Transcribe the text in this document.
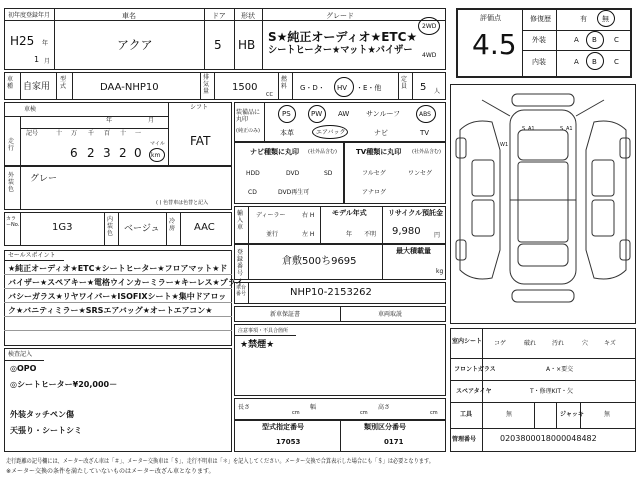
初年度登録年月
H25 年
1 月
車名
アクア
ドア
5
形状
HB
グレード
S★純正オーディオ★ETC★
シートヒーター★マット★バイザー
2WD
4WD
車種	自家用
型式	DAA-NHP10
排気量	1500
CC
燃料	G・D・ HV ・E・他
定員	5 人
車検
年	月
記号	十 万 千 百 十 一
走行	6 2 3 2 0
マイル
km
シフト
FAT
外装色
グレー
( ) 色替車は色替と記入
カラーNo.	1G3
内装色	ベージュ
冷房	AAC
セールスポイント
★純正オーディオ★ETC★シートヒーター★フロアマット★ド
バイザー★スペアキー★電格ウインカーミラー★キーレス★プライ
バシーガラス★リヤワイパー★ISOFIXシート★集中ドアロッ
ク★バニティミラー★SRSエアバッグ★オートエアコン★
検査記入
◎OPO
◎シートヒーター¥20,000－
外装タッチペン傷
天張り・シートシミ
装備品に丸印
(純正のみ)
PS	PW AW サンルーフ	ABS
本革	エアバック	ナビ	TV
ナビ種類に丸印 (社外品含む)
HDD	DVD	SD
CD	DVD再生可
TV種類に丸印 (社外品含む)
フルセグ	ワンセグ
アナログ
輸入車
ディーラー	右 H
並行	左 H
モデル年式
年 不明
リサイクル預託金
9,980 円
登録番号
倉敷500ち9695
最大積載量
kg
車台番号	NHP10-2153262
新車保証書	車両取説
注意事項・不具合箇所
★禁煙★
長さ
cm
幅
cm
高さ
cm
型式指定番号
17053
類別区分番号
0171
評価点
4.5
修復歴	有 無
外装	A B C
内装	A B C
W1
S A1	S A1
室内シート コゲ	破れ	汚れ	穴	キズ
フロントガラス	A・×要交
スペアタイヤ	T・修理KIT・欠
工具	無	ジャッキ	無
管理番号	0203800018000048482
走行距離の記号欄には、メーター改ざん車は「＃」、メーター交換車は「＄」、走行不明車は「＊」を記入してください。メーター交換で合算表示した場合にも「＄」は必要となります。
※メーター交換の条件を満たしていないものはメーター改ざん車となります。
